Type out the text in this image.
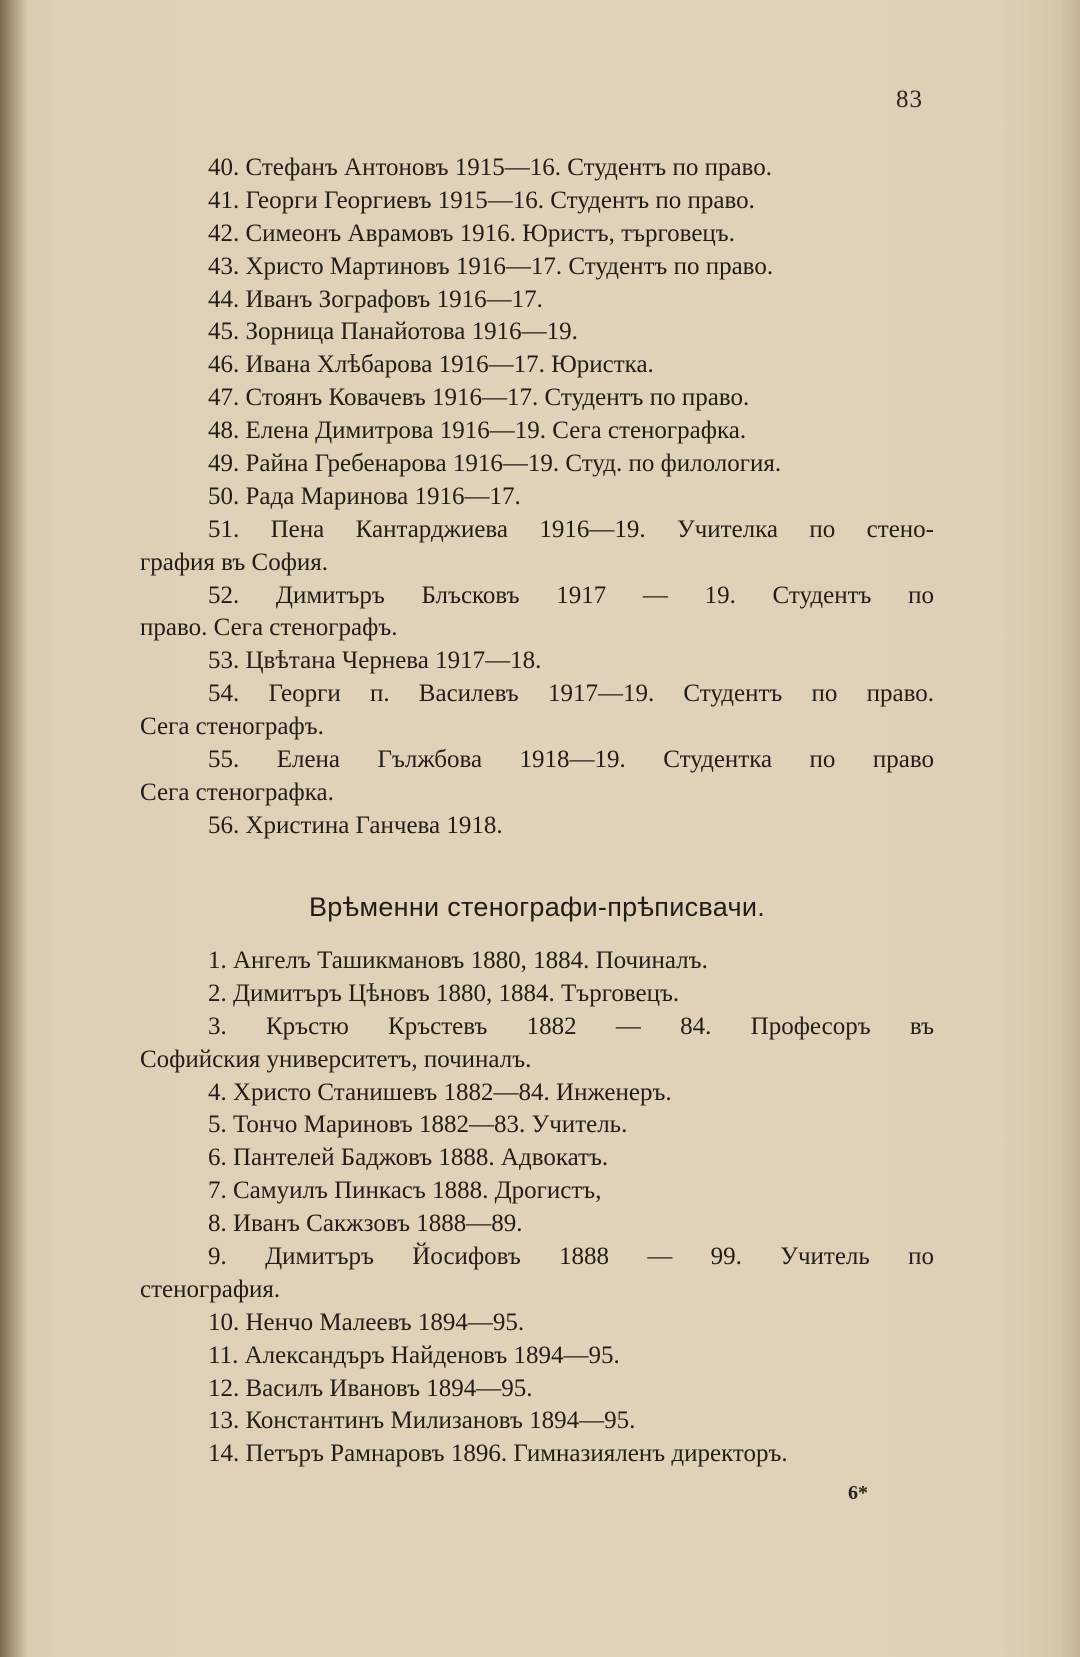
83
40. Стефанъ Антоновъ 1915—16. Студентъ по право.
41. Георги Георгиевъ 1915—16. Студентъ по право.
42. Симеонъ Аврамовъ 1916. Юристъ, търговецъ.
43. Христо Мартиновъ 1916—17. Студентъ по право.
44. Иванъ Зографовъ 1916—17.
45. Зорница Панайотова 1916—19.
46. Ивана Хлѣбарова 1916—17. Юристка.
47. Стоянъ Ковачевъ 1916—17. Студентъ по право.
48. Елена Димитрова 1916—19. Сега стенографка.
49. Райна Гребенарова 1916—19. Студ. по филология.
50. Рада Маринова 1916—17.
51. Пена Кантарджиева 1916—19. Учителка по стено-
графия въ София.
52. Димитъръ Блъсковъ 1917 — 19. Студентъ по
право. Сега стенографъ.
53. Цвѣтана Чернева 1917—18.
54. Георги п. Василевъ 1917—19. Студентъ по право.
Сега стенографъ.
55. Елена Гължбова 1918—19. Студентка по право
Сега стенографка.
56. Христина Ганчева 1918.
Врѣменни стенографи-прѣписвачи.
1. Ангелъ Ташикмановъ 1880, 1884. Починалъ.
2. Димитъръ Цѣновъ 1880, 1884. Търговецъ.
3. Кръстю Кръстевъ 1882 — 84. Професоръ въ
Софийския университетъ, починалъ.
4. Христо Станишевъ 1882—84. Инженеръ.
5. Тончо Мариновъ 1882—83. Учитель.
6. Пантелей Баджовъ 1888. Адвокатъ.
7. Самуилъ Пинкасъ 1888. Дрогистъ,
8. Иванъ Сакжзовъ 1888—89.
9. Димитъръ Йосифовъ 1888 — 99. Учитель по
стенография.
10. Ненчо Малеевъ 1894—95.
11. Александъръ Найденовъ 1894—95.
12. Василъ Ивановъ 1894—95.
13. Константинъ Милизановъ 1894—95.
14. Петъръ Рамнаровъ 1896. Гимназияленъ директоръ.
6*
